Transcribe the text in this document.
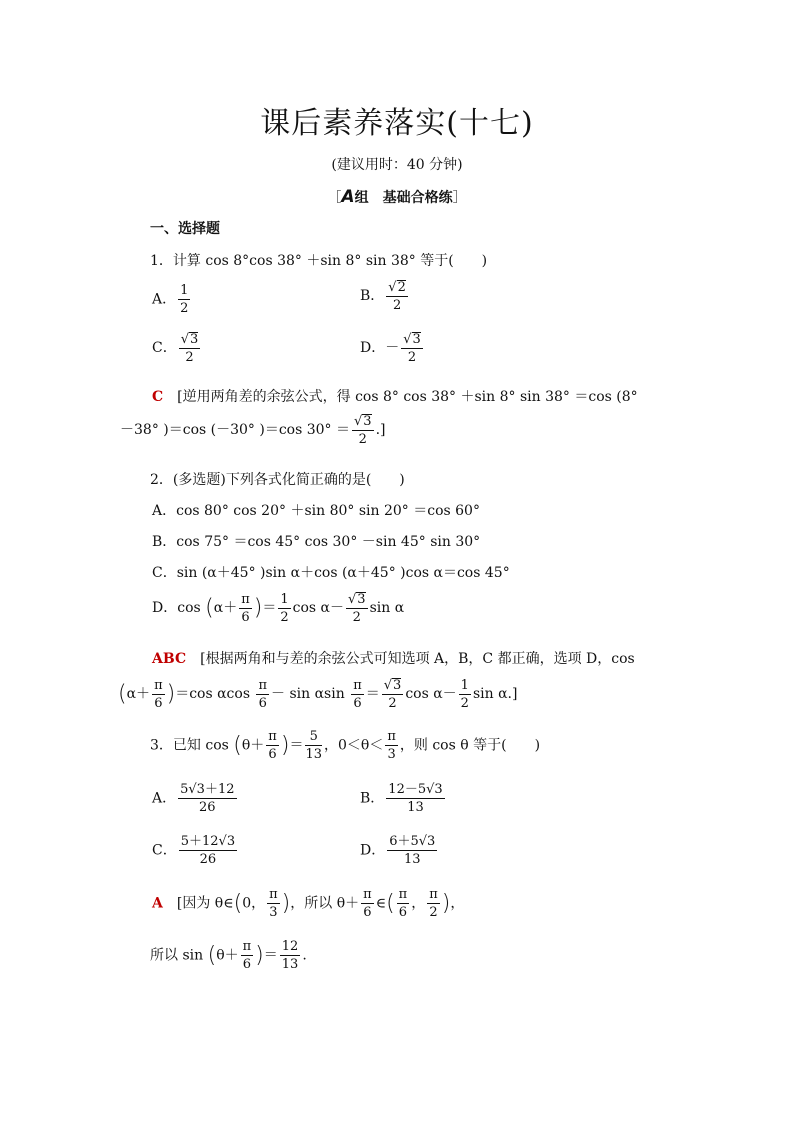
课后素养落实(十七)
(建议用时：40 分钟)
［A组　 基础合格练］
一、选择题
1．计算 cos 8°cos 38° ＋sin 8° sin 38° 等于(　　)
A． $\frac{1}{2}$	B． $\frac{√2}{2}$
C． $\frac{√3}{2}$	D．－ $\frac{√3}{2}$
C　[逆用两角差的余弦公式，得 cos 8° cos 38° ＋sin 8° sin 38° ＝cos (8°
－38° )＝cos (－30° )＝cos $30^\circ = \frac{√3}{2}$ .]
2．(多选题)下列各式化简正确的是(　　)
A．cos 80° cos 20° ＋sin 80° sin 20° ＝cos 60°
B．cos 75° ＝cos 45° cos 30° －sin 45° sin 30°
C．sin (α＋45° )sin α＋cos (α＋45° )cos α＝cos 45°
D．$\cos (\alpha+ \frac{\pi}{6}$ )＝ $\frac{1}{2}$ $\cos \alpha- \frac{√3}{2}$ sin α
ABC　[根据两角和与差的余弦公式可知选项 A，B，C 都正确，选项 D，cos
$(\alpha+ \frac{\pi}{6} )=\cos$ αcos $\frac{\pi}{6} - \sin \alpha\sin \frac{\pi}{6} = \frac{√3}{2}$ $\cos \alpha- \frac{1}{2}$ sin α.]
3．已知 $\cos (\theta+ \frac{\pi}{6}$ )＝ $\frac{5}{13}$ ，$0<\theta< \frac{\pi}{3}$ ，则 cos θ 等于(　　)
A． $\frac{5√3+12}{26}$	B． $\frac{12-5√3}{13}$
C． $\frac{5+12√3}{26}$	D． $\frac{6+5√3}{13}$
A　[因为 θ∈(0， $\frac{\pi}{3}$ )，所以 $\theta+ \frac{\pi}{6}$ ∈( $\frac{\pi}{6}$ ， $\frac{\pi}{2}$ )，
所以 $\sin (\theta+ \frac{\pi}{6}$ )＝ $\frac{12}{13}$ .
